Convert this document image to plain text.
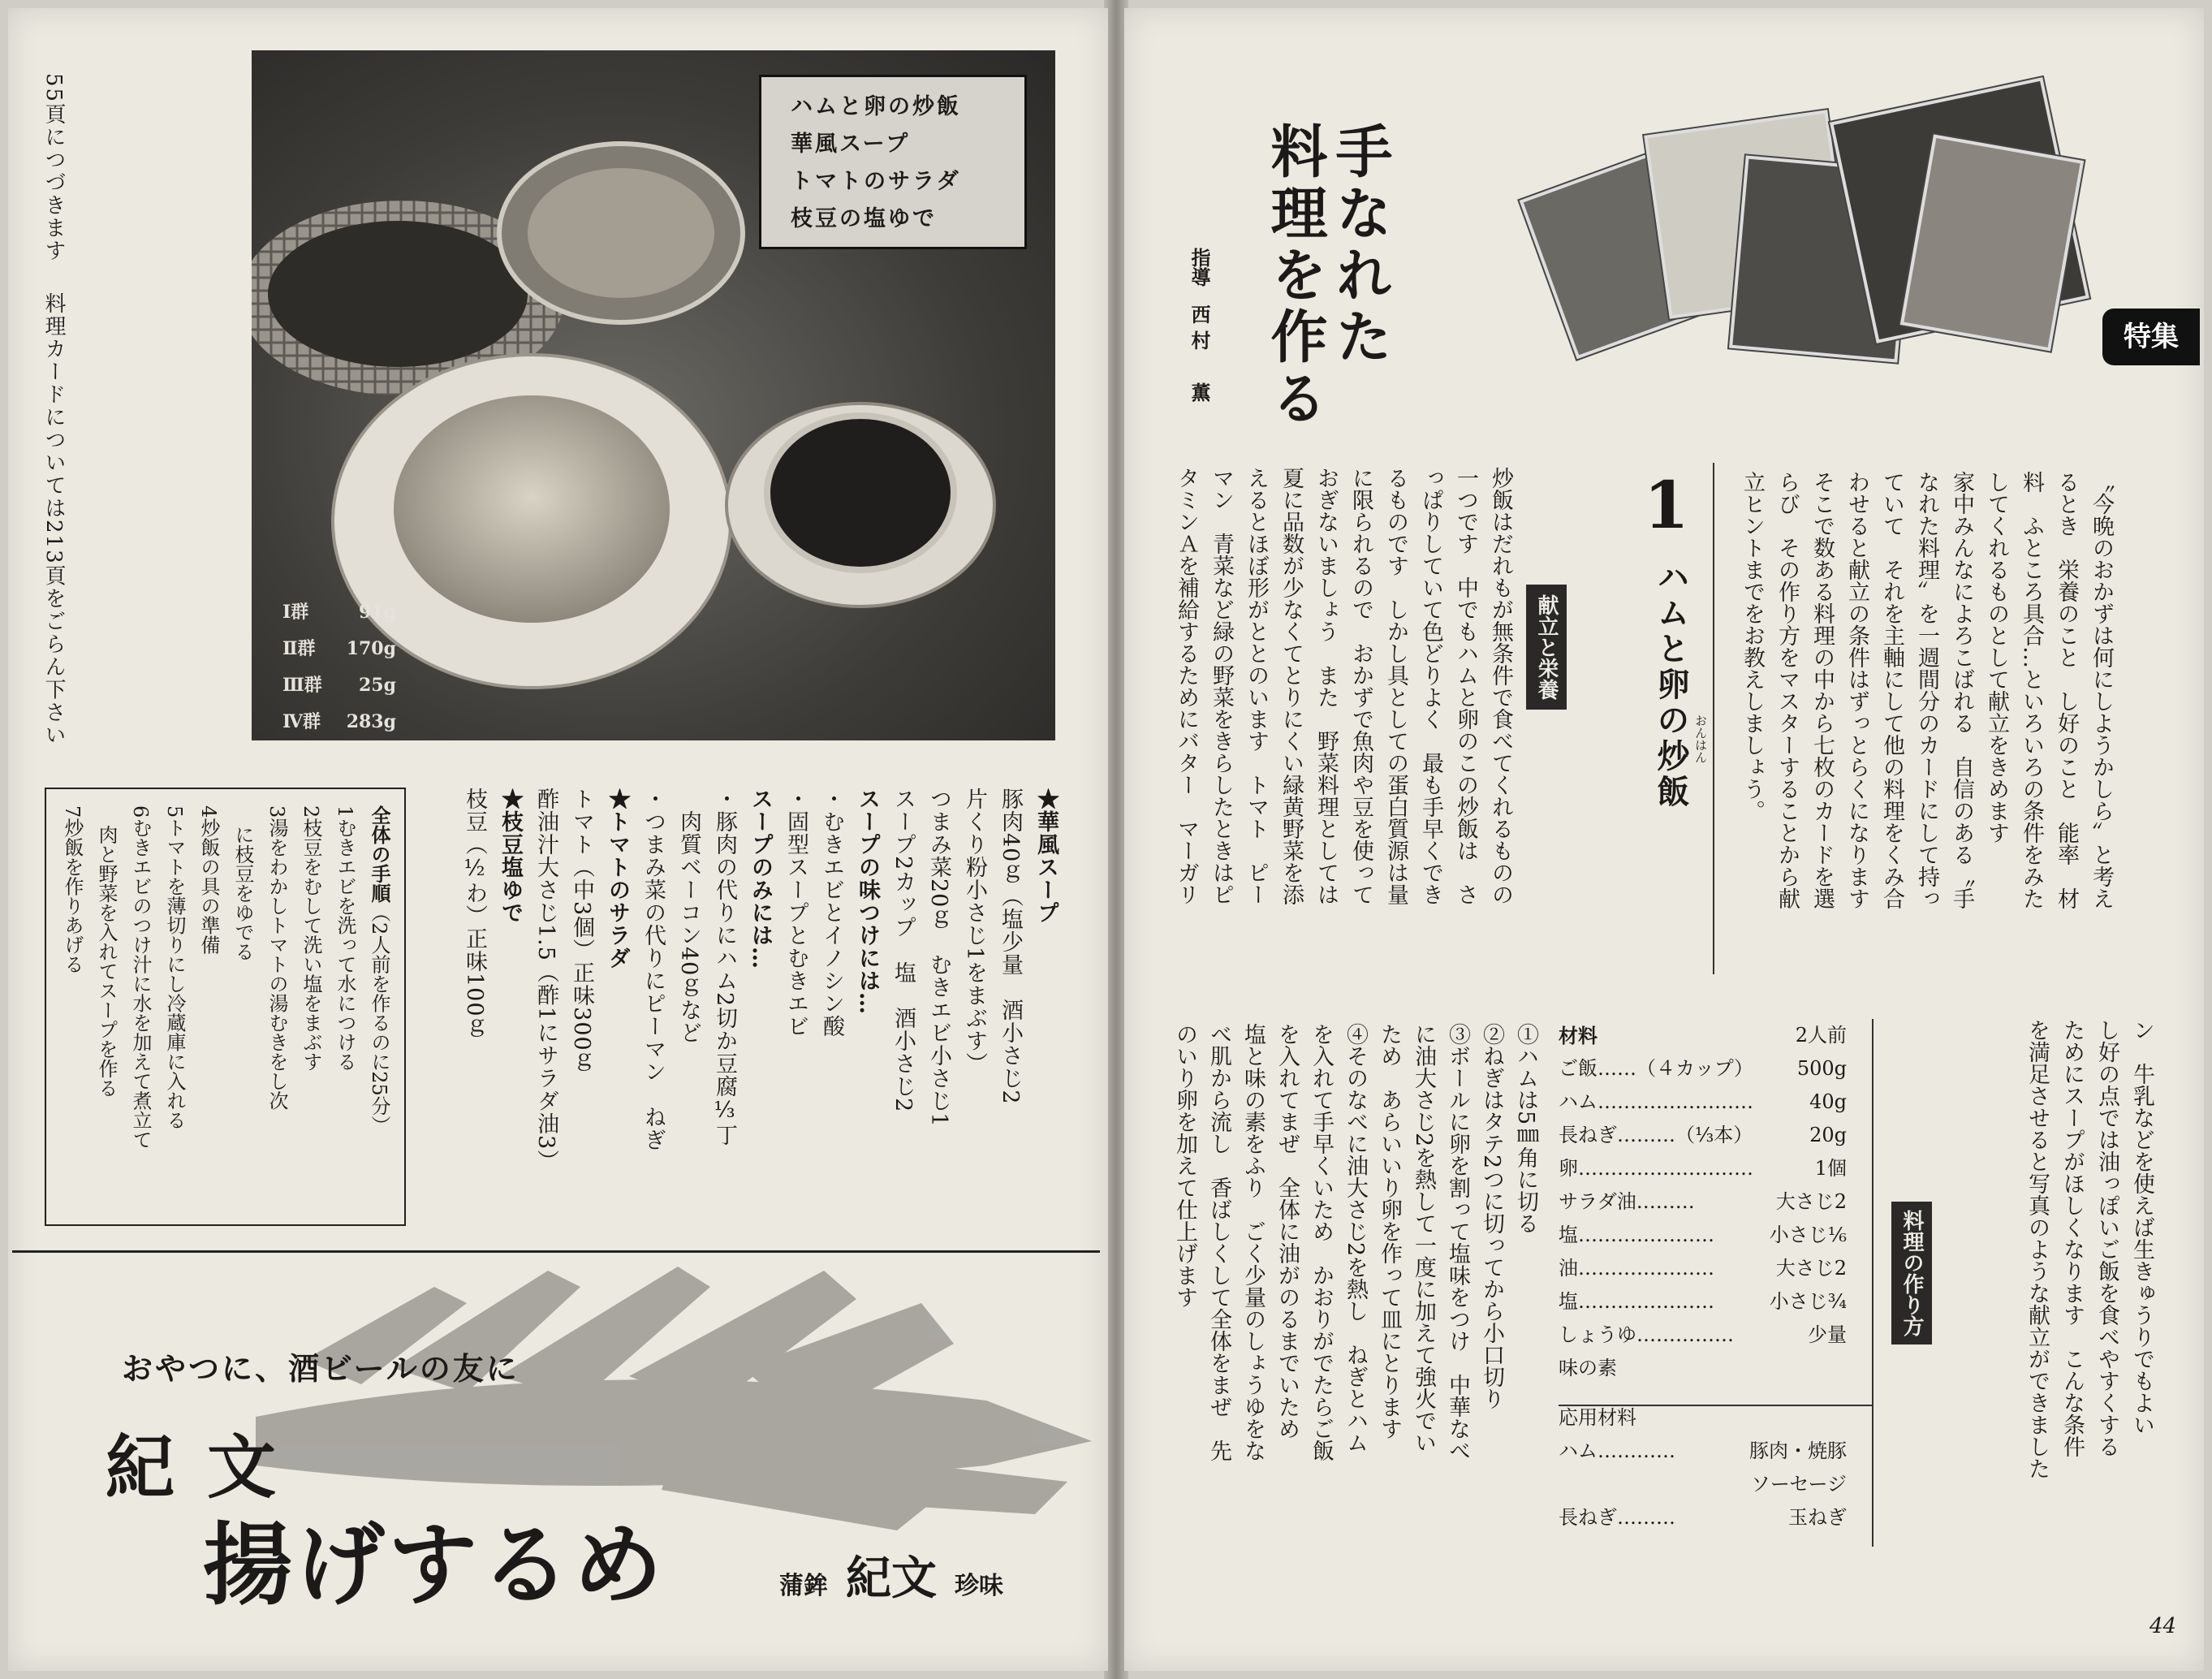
55頁につづきます
料理カードについては213頁をごらん下さい
ハムと卵の炒飯
華風スープ
トマトのサラダ
枝豆の塩ゆで
Ⅰ群	91g
Ⅱ群 170g
Ⅲ群 25g
Ⅳ群 283g
★華風スープ
豚肉40ｇ（塩少量　酒小さじ2
片くり粉小さじ1をまぶす）
つまみ菜20ｇ　むきエビ小さじ1
スープ2カップ　塩　酒小さじ2
スープの味つけには…
・むきエビとイノシン酸
・固型スープとむきエビ
スープのみには…
・豚肉の代りにハム2切か豆腐⅓丁
　肉質ベーコン40ｇなど
・つまみ菜の代りにピーマン　ねぎ
★トマトのサラダ
トマト（中3個）正味300ｇ
酢油汁大さじ1.5（酢1にサラダ油3）
★枝豆塩ゆで
枝豆（½わ）正味100ｇ
全体の手順（2人前を作るのに25分）
1むきエビを洗って水につける
2枝豆をむして洗い塩をまぶす
3湯をわかしトマトの湯むきをし次
　に枝豆をゆでる
4炒飯の具の準備
5トマトを薄切りにし冷蔵庫に入れる
6むきエビのつけ汁に水を加えて煮立て
　肉と野菜を入れてスープを作る
7炒飯を作りあげる
おやつに、酒ビールの友に
紀文
揚げするめ	蒲鉾 紀文 珍味
特集
手なれた
料理を作る
指導
西村　薫
〝今晩のおかずは何にしようかしら〟と考え
るとき　栄養のこと　し好のこと　能率　材
料　ふところ具合…といろいろの条件をみた
してくれるものとして献立をきめます
家中みんなによろこばれる　自信のある〝手
なれた料理〟を一週間分のカードにして持っ
ていて　それを主軸にして他の料理をくみ合
わせると献立の条件はずっとらくになります
そこで数ある料理の中から七枚のカードを選
らび　その作り方をマスターすることから献
立ヒントまでをお教えしましょう。
1
ハムと卵の炒飯 おんはん
献立と栄養
炒飯はだれもが無条件で食べてくれるものの
一つです　中でもハムと卵のこの炒飯は　さ
っぱりしていて色どりよく　最も手早くでき
るものです　しかし具としての蛋白質源は量
に限られるので　おかずで魚肉や豆を使って
おぎないましょう　また　野菜料理としては
夏に品数が少なくてとりにくい緑黄野菜を添
えるとほぼ形がととのいます　トマト　ピー
マン　青菜など緑の野菜をきらしたときはピ
タミンＡを補給するためにバター　マーガリ
ン　牛乳などを使えば生きゅうりでもよい
し好の点では油っぽいご飯を食べやすくする
ためにスープがほしくなります　こんな条件
を満足させると写真のような献立ができました
料理の作り方
材料	2人前
ご飯……（４カップ） 500g
ハム……………………	40g
長ねぎ………（⅓本）	20g
卵………………………	1個
サラダ油………	大さじ2
塩…………………	小さじ⅙
油…………………	大さじ2
塩…………………	小さじ¾
しょうゆ……………	少量
味の素
応用材料
ハム…………	豚肉・焼豚
ソーセージ
長ねぎ………	玉ねぎ
①ハムは5㎜角に切る
②ねぎはタテ2つに切ってから小口切り
③ボールに卵を割って塩味をつけ　中華なべ
に油大さじ2を熱して一度に加えて強火でい
ため　あらいいり卵を作って皿にとります
④そのなべに油大さじ2を熱し　ねぎとハム
を入れて手早くいため　かおりがでたらご飯
を入れてまぜ　全体に油がのるまでいため
塩と味の素をふり　ごく少量のしょうゆをな
べ肌から流し　香ばしくして全体をまぜ　先
のいり卵を加えて仕上げます
44
